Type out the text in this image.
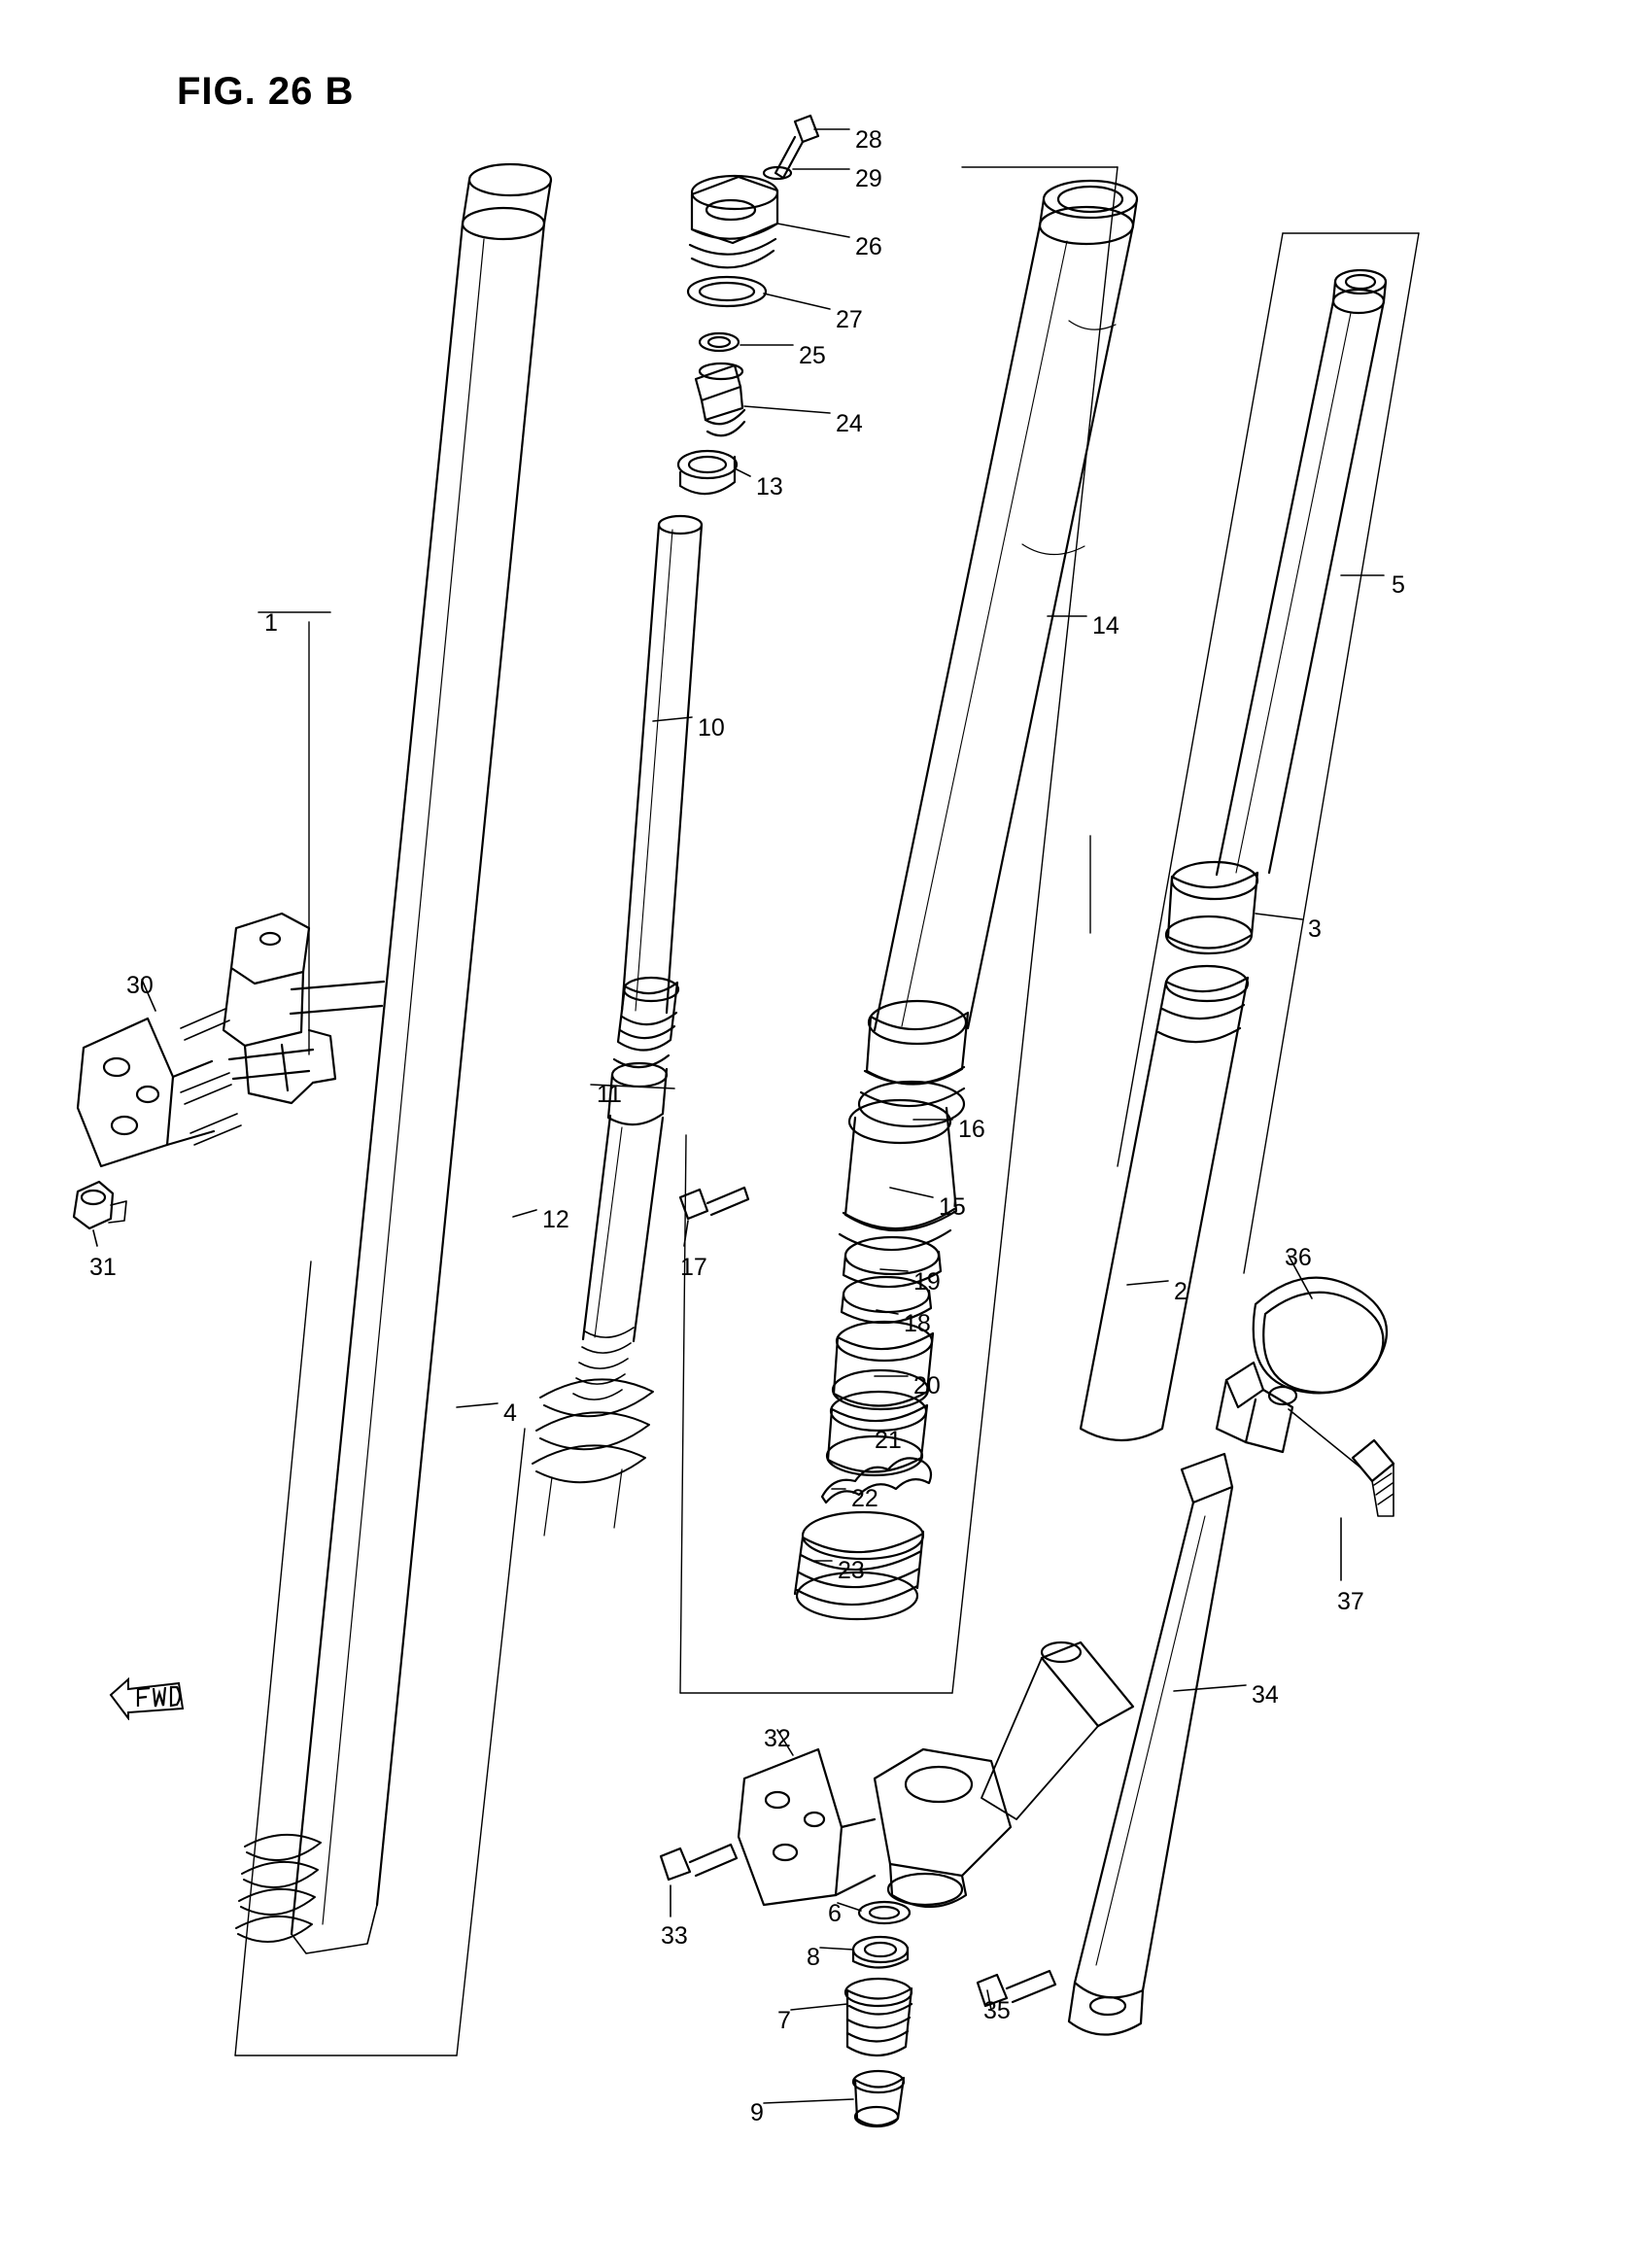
FIG. 26 B
28
29
26
27
25
24
13
5
1	14
10
3
30
11
16
15
12
17
31	36
2
19
18
20
4
21
22
23
37
34
32
33
6
8
35
7
9
